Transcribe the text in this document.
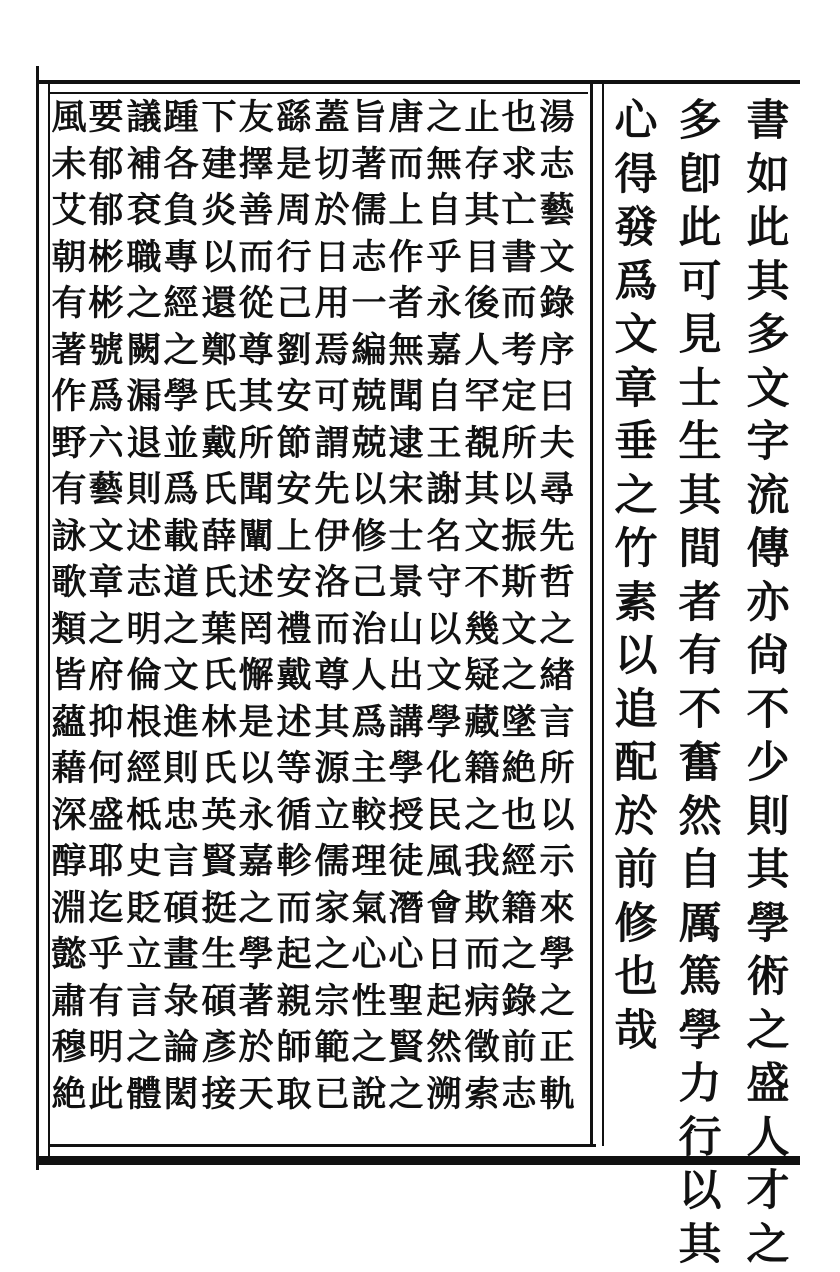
書
如
此
其
多
文
字
流
傳
亦
尙
不
少
則
其
學
術
之
盛
人
才
之
多
卽
此
可
見
士
生
其
間
者
有
不
奮
然
自
厲
篤
學
力
行
以
其
心
得
發
爲
文
章
垂
之
竹
素
以
追
配
於
前
修
也
哉
湯
志
藝
文
錄
序
曰
夫
尋
先
哲
之
緖
言
所
以
示
來
學
之
正
軌
也
求
亡
書
而
考
定
所
以
振
斯
文
之
墜
絶
也
經
籍
之
錄
前
志
止
存
其
目
後
人
罕
覩
其
文
不
幾
疑
藏
籍
之
我
欺
而
病
徵
索
之
無
自
乎
永
嘉
自
王
謝
名
守
以
文
學
化
民
風
會
日
起
然
溯
唐
而
上
作
者
無
聞
逮
宋
士
景
山
出
講
學
授
徒
潛
心
聖
賢
之
旨
著
儒
志
一
編
兢
兢
以
修
己
治
人
爲
主
較
理
氣
心
性
之
說
蓋
切
於
日
用
焉
可
謂
先
伊
洛
而
尊
其
源
立
儒
家
之
宗
範
已
繇
是
周
行
己
劉
安
節
安
上
安
禮
戴
述
等
循
軫
而
起
親
師
取
友
擇
善
而
從
尊
其
所
聞
闡
述
罔
懈
是
以
永
嘉
之
學
著
於
天
下
建
炎
以
還
鄭
氏
戴
氏
薛
氏
葉
氏
林
氏
英
賢
挺
生
碩
彥
接
踵
各
負
專
經
之
學
並
爲
載
道
之
文
進
則
忠
言
碩
畫
彔
論
閎
議
補
袞
職
之
闕
漏
退
則
述
志
明
倫
根
經
柢
史
貶
立
言
之
體
要
郁
郁
彬
彬
號
爲
六
藝
文
章
之
府
抑
何
盛
耶
迄
乎
有
明
此
風
未
艾
朝
有
著
作
野
有
詠
歌
類
皆
蘊
藉
深
醇
淵
懿
肅
穆
絶
